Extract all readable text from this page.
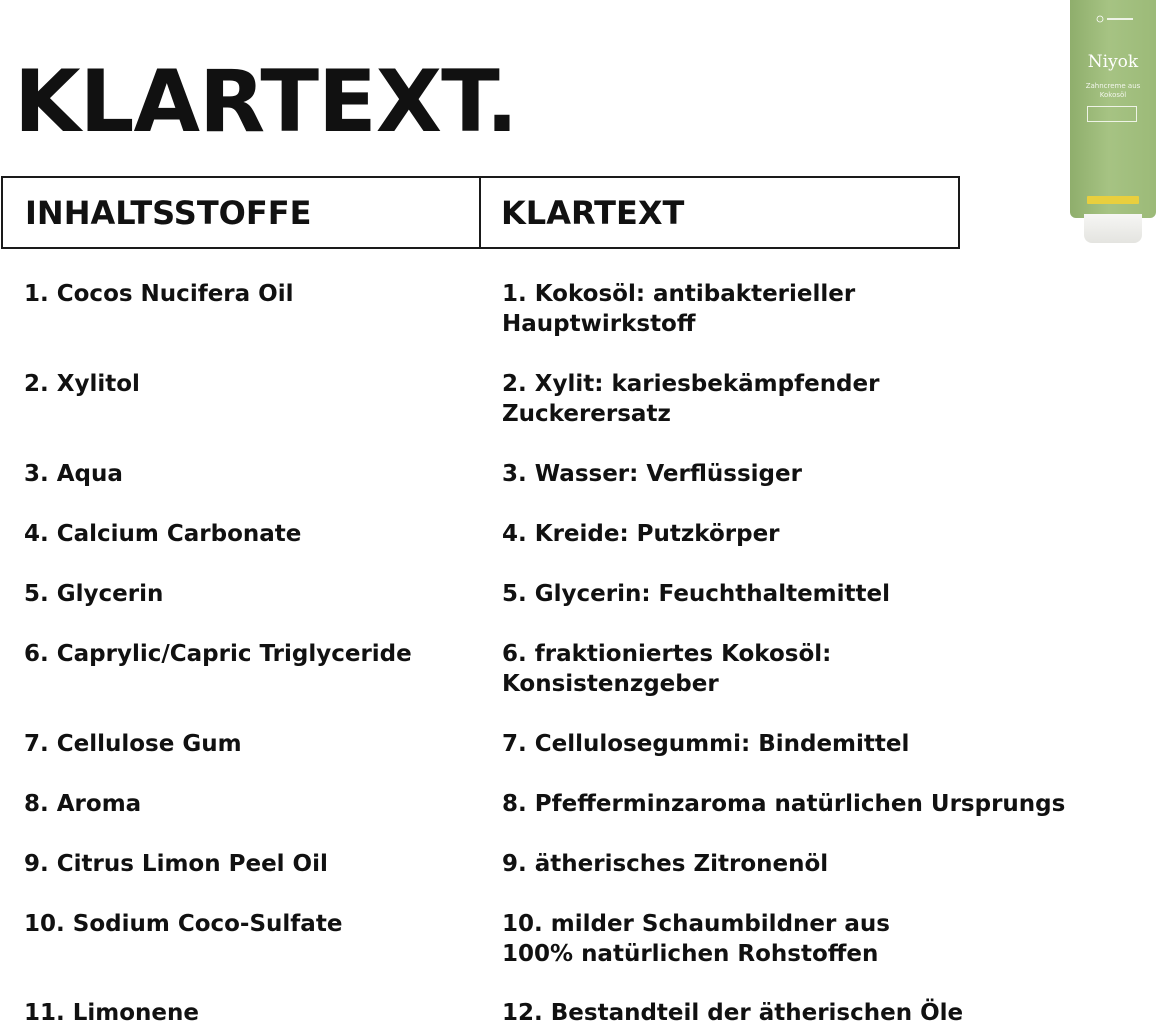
KLARTEXT.	Niyok
Zahncreme aus
Kokosöl
INHALTSSTOFFE	KLARTEXT
1. Cocos Nucifera Oil	1. Kokosöl: antibakterieller
Hauptwirkstoff
2. Xylitol	2. Xylit: kariesbekämpfender
Zuckerersatz
3. Aqua	3. Wasser: Verflüssiger
4. Calcium Carbonate	4. Kreide: Putzkörper
5. Glycerin	5. Glycerin: Feuchthaltemittel
6. Caprylic/Capric Triglyceride	6. fraktioniertes Kokosöl:
Konsistenzgeber
7. Cellulose Gum	7. Cellulosegummi: Bindemittel
8. Aroma	8. Pfefferminzaroma natürlichen Ursprungs
9. Citrus Limon Peel Oil	9. ätherisches Zitronenöl
10. Sodium Coco-Sulfate	10. milder Schaumbildner aus
100% natürlichen Rohstoffen
11. Limonene	12. Bestandteil der ätherischen Öle
